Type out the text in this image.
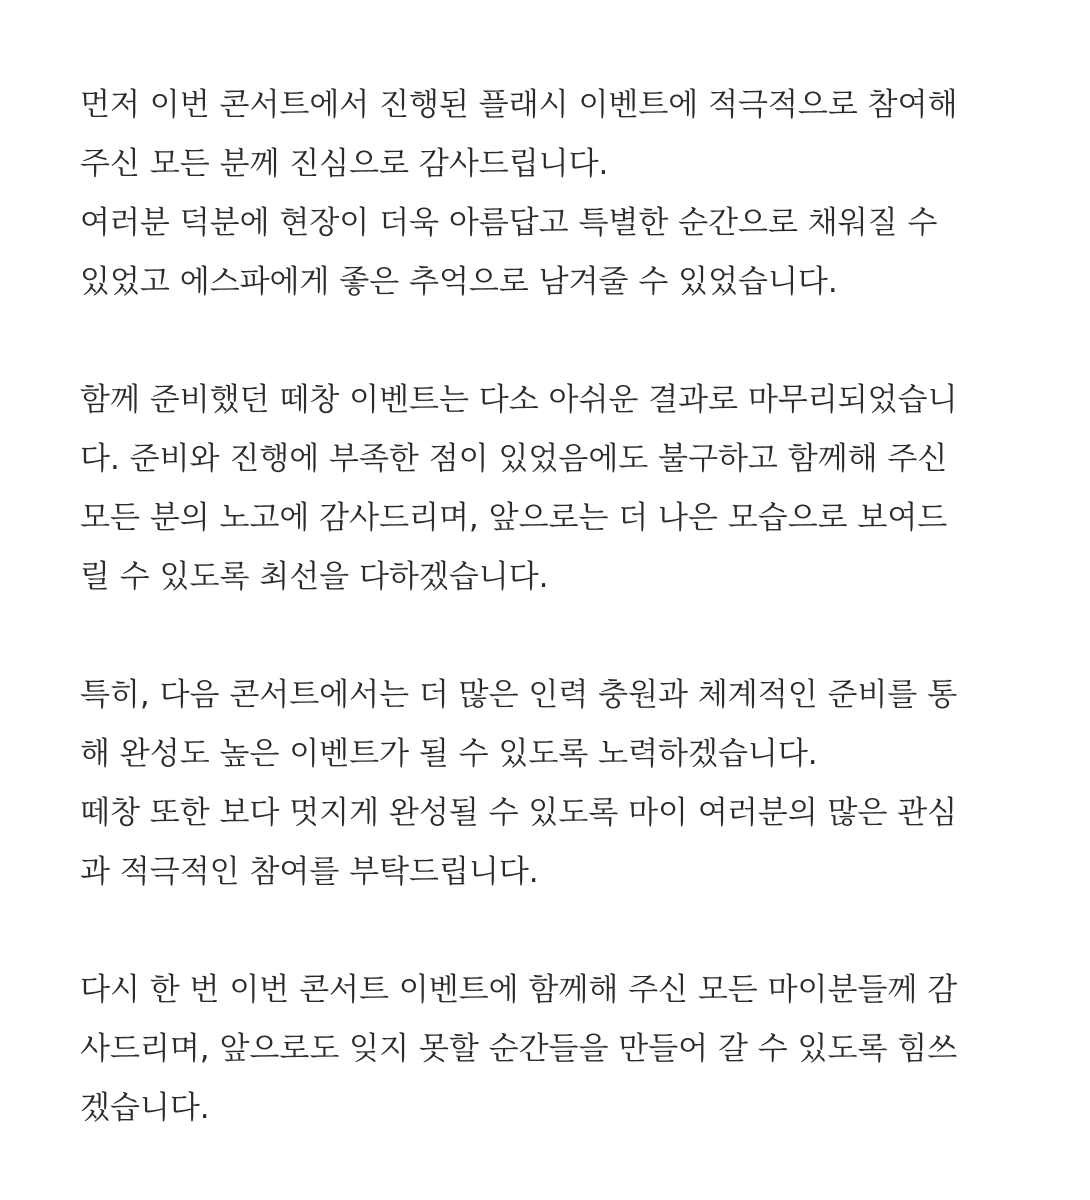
먼저 이번 콘서트에서 진행된 플래시 이벤트에 적극적으로 참여해
주신 모든 분께 진심으로 감사드립니다.
여러분 덕분에 현장이 더욱 아름답고 특별한 순간으로 채워질 수
있었고 에스파에게 좋은 추억으로 남겨줄 수 있었습니다.
함께 준비했던 떼창 이벤트는 다소 아쉬운 결과로 마무리되었습니
다. 준비와 진행에 부족한 점이 있었음에도 불구하고 함께해 주신
모든 분의 노고에 감사드리며, 앞으로는 더 나은 모습으로 보여드
릴 수 있도록 최선을 다하겠습니다.
특히, 다음 콘서트에서는 더 많은 인력 충원과 체계적인 준비를 통
해 완성도 높은 이벤트가 될 수 있도록 노력하겠습니다.
떼창 또한 보다 멋지게 완성될 수 있도록 마이 여러분의 많은 관심
과 적극적인 참여를 부탁드립니다.
다시 한 번 이번 콘서트 이벤트에 함께해 주신 모든 마이분들께 감
사드리며, 앞으로도 잊지 못할 순간들을 만들어 갈 수 있도록 힘쓰
겠습니다.
